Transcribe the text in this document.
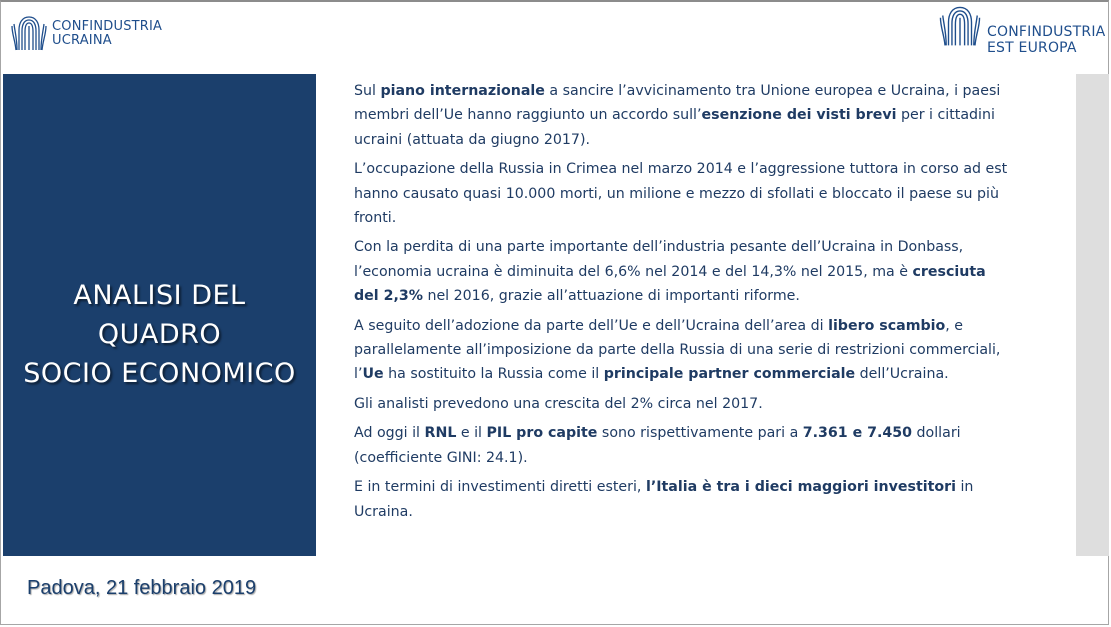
CONFINDUSTRIA
UCRAINA
CONFINDUSTRIA
EST EUROPA
ANALISI DEL
QUADRO
SOCIO ECONOMICO

Sul piano internazionale a sancire l’avvicinamento tra Unione europea e Ucraina, i paesi membri dell’Ue hanno raggiunto un accordo sull’esenzione dei visti brevi per i cittadini ucraini (attuata da giugno 2017).

L’occupazione della Russia in Crimea nel marzo 2014 e l’aggressione tuttora in corso ad est hanno causato quasi 10.000 morti, un milione e mezzo di sfollati e bloccato il paese su più fronti.

Con la perdita di una parte importante dell’industria pesante dell’Ucraina in Donbass, l’economia ucraina è diminuita del 6,6% nel 2014 e del 14,3% nel 2015, ma è cresciuta del 2,3% nel 2016, grazie all’attuazione di importanti riforme.

A seguito dell’adozione da parte dell’Ue e dell’Ucraina dell’area di libero scambio, e parallelamente all’imposizione da parte della Russia di una serie di restrizioni commerciali, l’Ue ha sostituito la Russia come il principale partner commerciale dell’Ucraina.

Gli analisti prevedono una crescita del 2% circa nel 2017.

Ad oggi il RNL e il PIL pro capite sono rispettivamente pari a 7.361 e 7.450 dollari (coefficiente GINI: 24.1).

E in termini di investimenti diretti esteri, l’Italia è tra i dieci maggiori investitori in Ucraina.

Padova, 21 febbraio 2019
